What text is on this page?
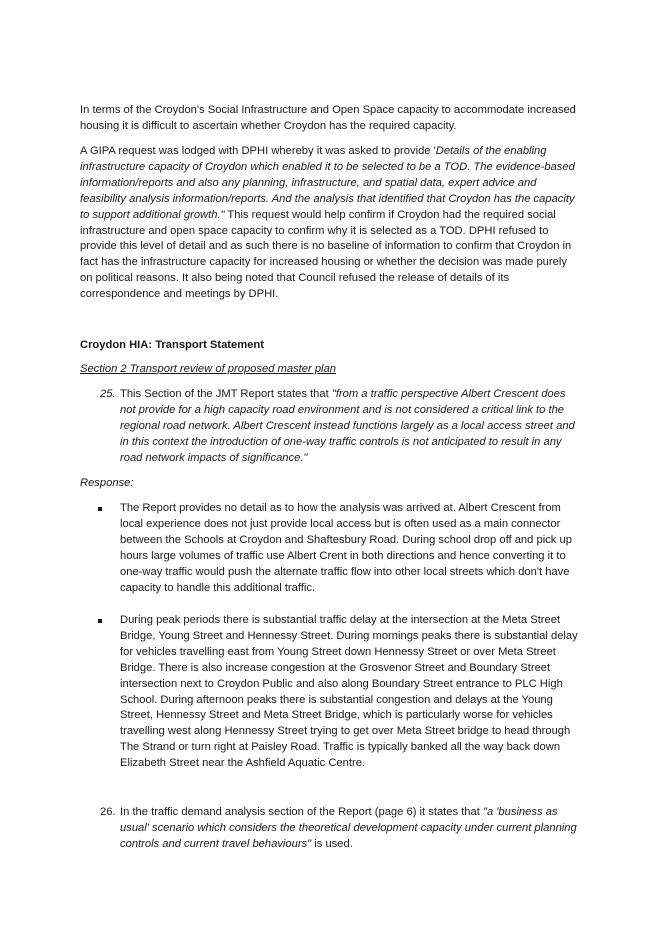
In terms of the Croydon's Social Infrastructure and Open Space capacity to accommodate increased housing it is difficult to ascertain whether Croydon has the required capacity.

A GIPA request was lodged with DPHI whereby it was asked to provide 'Details of the enabling infrastructure capacity of Croydon which enabled it to be selected to be a TOD. The evidence-based information/reports and also any planning, infrastructure, and spatial data, expert advice and feasibility analysis information/reports. And the analysis that identified that Croydon has the capacity to support additional growth." This request would help confirm if Croydon had the required social infrastructure and open space capacity to confirm why it is selected as a TOD. DPHI refused to provide this level of detail and as such there is no baseline of information to confirm that Croydon in fact has the infrastructure capacity for increased housing or whether the decision was made purely on political reasons. It also being noted that Council refused the release of details of its correspondence and meetings by DPHI.

Croydon HIA: Transport Statement

Section 2 Transport review of proposed master plan

25. This Section of the JMT Report states that "from a traffic perspective Albert Crescent does not provide for a high capacity road environment and is not considered a critical link to the regional road network. Albert Crescent instead functions largely as a local access street and in this context the introduction of one-way traffic controls is not anticipated to result in any road network impacts of significance."

Response:

The Report provides no detail as to how the analysis was arrived at. Albert Crescent from local experience does not just provide local access but is often used as a main connector between the Schools at Croydon and Shaftesbury Road. During school drop off and pick up hours large volumes of traffic use Albert Crent in both directions and hence converting it to one-way traffic would push the alternate traffic flow into other local streets which don't have capacity to handle this additional traffic.
During peak periods there is substantial traffic delay at the intersection at the Meta Street Bridge, Young Street and Hennessy Street. During mornings peaks there is substantial delay for vehicles travelling east from Young Street down Hennessy Street or over Meta Street Bridge. There is also increase congestion at the Grosvenor Street and Boundary Street intersection next to Croydon Public and also along Boundary Street entrance to PLC High School. During afternoon peaks there is substantial congestion and delays at the Young Street, Hennessy Street and Meta Street Bridge, which is particularly worse for vehicles travelling west along Hennessy Street trying to get over Meta Street bridge to head through The Strand or turn right at Paisley Road. Traffic is typically banked all the way back down Elizabeth Street near the Ashfield Aquatic Centre.
26. In the traffic demand analysis section of the Report (page 6) it states that "a 'business as usual' scenario which considers the theoretical development capacity under current planning controls and current travel behaviours" is used.
